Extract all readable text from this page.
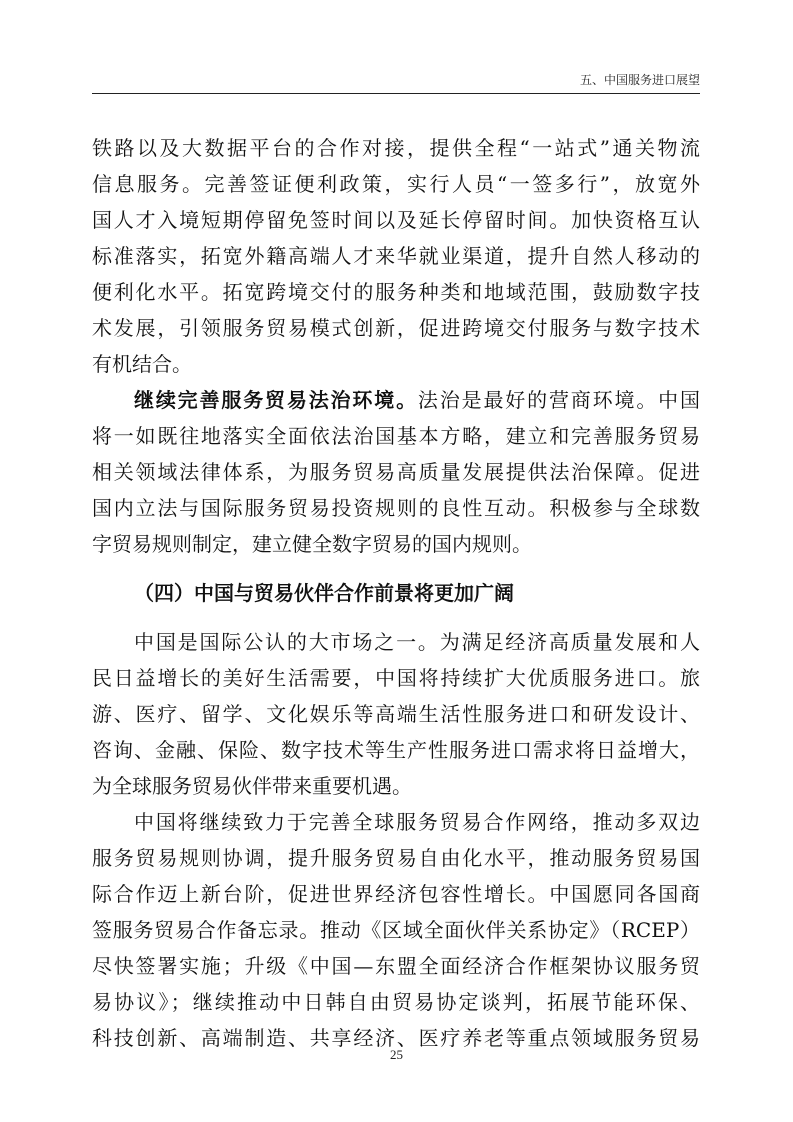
五、中国服务进口展望
铁路以及大数据平台的合作对接，提供全程“一站式”通关物流
信息服务。完善签证便利政策，实行人员“一签多行”，放宽外
国人才入境短期停留免签时间以及延长停留时间。加快资格互认
标准落实，拓宽外籍高端人才来华就业渠道，提升自然人移动的
便利化水平。拓宽跨境交付的服务种类和地域范围，鼓励数字技
术发展，引领服务贸易模式创新，促进跨境交付服务与数字技术
有机结合。
继续完善服务贸易法治环境。法治是最好的营商环境。中国
将一如既往地落实全面依法治国基本方略，建立和完善服务贸易
相关领域法律体系，为服务贸易高质量发展提供法治保障。促进
国内立法与国际服务贸易投资规则的良性互动。积极参与全球数
字贸易规则制定，建立健全数字贸易的国内规则。
（四）中国与贸易伙伴合作前景将更加广阔
中国是国际公认的大市场之一。为满足经济高质量发展和人
民日益增长的美好生活需要，中国将持续扩大优质服务进口。旅
游、医疗、留学、文化娱乐等高端生活性服务进口和研发设计、
咨询、金融、保险、数字技术等生产性服务进口需求将日益增大，
为全球服务贸易伙伴带来重要机遇。
中国将继续致力于完善全球服务贸易合作网络，推动多双边
服务贸易规则协调，提升服务贸易自由化水平，推动服务贸易国
际合作迈上新台阶，促进世界经济包容性增长。中国愿同各国商
签服务贸易合作备忘录。推动《区域全面伙伴关系协定》（RCEP）
尽快签署实施；升级《中国—东盟全面经济合作框架协议服务贸
易协议》；继续推动中日韩自由贸易协定谈判，拓展节能环保、
科技创新、高端制造、共享经济、医疗养老等重点领域服务贸易
25
